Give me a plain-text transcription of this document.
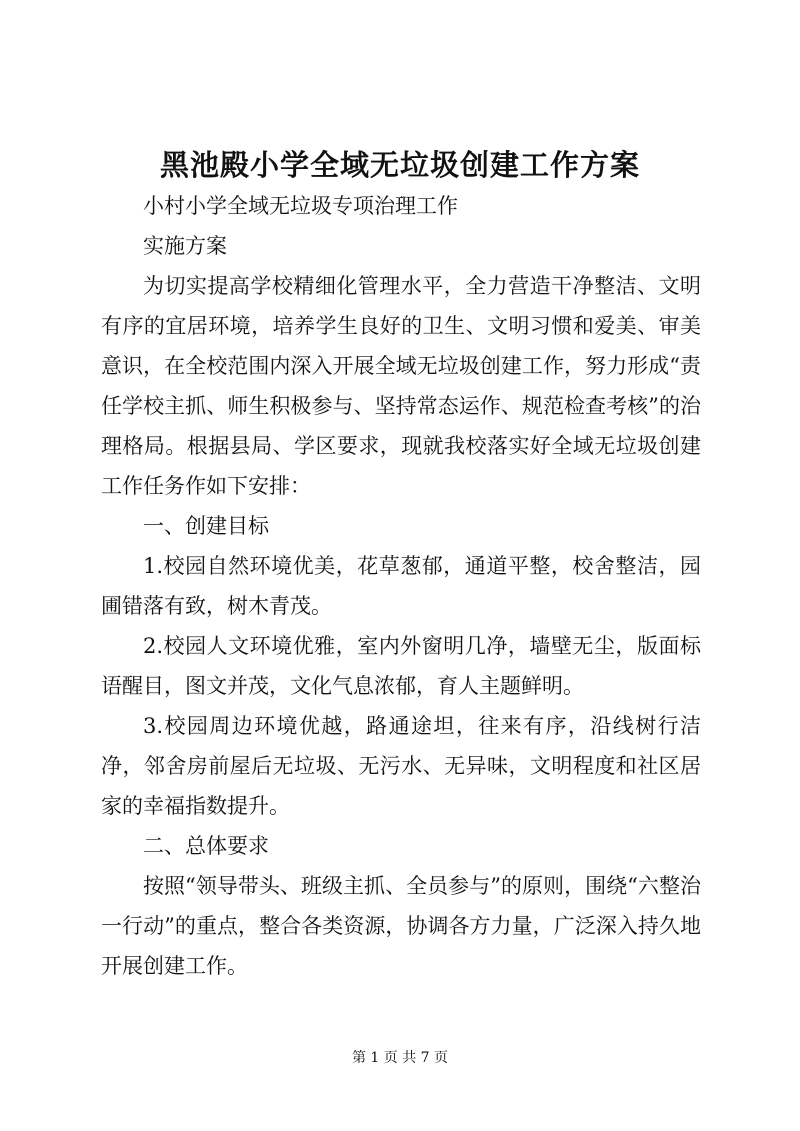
黑池殿小学全域无垃圾创建工作方案

小村小学全域无垃圾专项治理工作

实施方案

为切实提高学校精细化管理水平，全力营造干净整洁、文明有序的宜居环境，培养学生良好的卫生、文明习惯和爱美、审美意识，在全校范围内深入开展全域无垃圾创建工作，努力形成“责任学校主抓、师生积极参与、坚持常态运作、规范检查考核”的治理格局。根据县局、学区要求，现就我校落实好全域无垃圾创建工作任务作如下安排：

一、创建目标

1.校园自然环境优美，花草葱郁，通道平整，校舍整洁，园圃错落有致，树木青茂。

2.校园人文环境优雅，室内外窗明几净，墙壁无尘，版面标语醒目，图文并茂，文化气息浓郁，育人主题鲜明。

3.校园周边环境优越，路通途坦，往来有序，沿线树行洁净，邻舍房前屋后无垃圾、无污水、无异味，文明程度和社区居家的幸福指数提升。

二、总体要求

按照“领导带头、班级主抓、全员参与”的原则，围绕“六整治一行动”的重点，整合各类资源，协调各方力量，广泛深入持久地开展创建工作。

第 1 页 共 7 页
